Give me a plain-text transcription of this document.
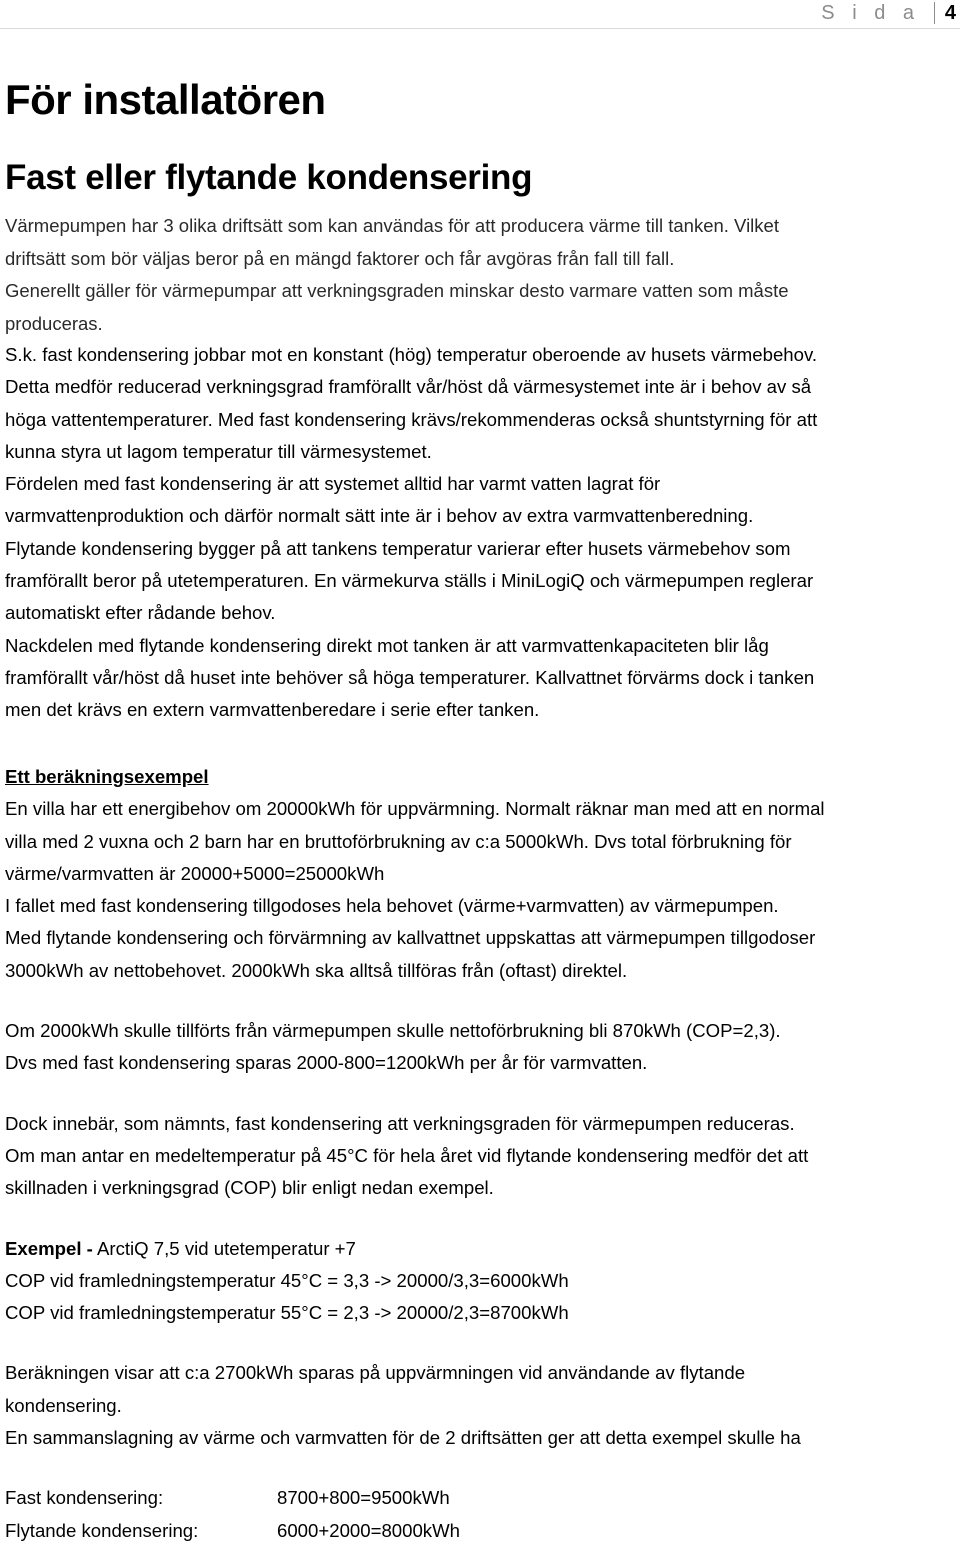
S i d a	4
För installatören
Fast eller flytande kondensering

Värmepumpen har 3 olika driftsätt som kan användas för att producera värme till tanken. Vilket

driftsätt som bör väljas beror på en mängd faktorer och får avgöras från fall till fall.

Generellt gäller för värmepumpar att verkningsgraden minskar desto varmare vatten som måste

produceras.

S.k. fast kondensering jobbar mot en konstant (hög) temperatur oberoende av husets värmebehov.

Detta medför reducerad verkningsgrad framförallt vår/höst då värmesystemet inte är i behov av så

höga vattentemperaturer. Med fast kondensering krävs/rekommenderas också shuntstyrning för att

kunna styra ut lagom temperatur till värmesystemet.

Fördelen med fast kondensering är att systemet alltid har varmt vatten lagrat för

varmvattenproduktion och därför normalt sätt inte är i behov av extra varmvattenberedning.

Flytande kondensering bygger på att tankens temperatur varierar efter husets värmebehov som

framförallt beror på utetemperaturen. En värmekurva ställs i MiniLogiQ och värmepumpen reglerar

automatiskt efter rådande behov.

Nackdelen med flytande kondensering direkt mot tanken är att varmvattenkapaciteten blir låg

framförallt vår/höst då huset inte behöver så höga temperaturer. Kallvattnet förvärms dock i tanken

men det krävs en extern varmvattenberedare i serie efter tanken.

Ett beräkningsexempel

En villa har ett energibehov om 20000kWh för uppvärmning. Normalt räknar man med att en normal

villa med 2 vuxna och 2 barn har en bruttoförbrukning av c:a 5000kWh. Dvs total förbrukning för

värme/varmvatten är 20000+5000=25000kWh

I fallet med fast kondensering tillgodoses hela behovet (värme+varmvatten) av värmepumpen.

Med flytande kondensering och förvärmning av kallvattnet uppskattas att värmepumpen tillgodoser

3000kWh av nettobehovet. 2000kWh ska alltså tillföras från (oftast) direktel.

Om 2000kWh skulle tillförts från värmepumpen skulle nettoförbrukning bli 870kWh (COP=2,3).

Dvs med fast kondensering sparas 2000-800=1200kWh per år för varmvatten.

Dock innebär, som nämnts, fast kondensering att verkningsgraden för värmepumpen reduceras.

Om man antar en medeltemperatur på 45°C för hela året vid flytande kondensering medför det att

skillnaden i verkningsgrad (COP) blir enligt nedan exempel.

Exempel - ArctiQ 7,5 vid utetemperatur +7

COP vid framledningstemperatur 45°C = 3,3 -> 20000/3,3=6000kWh

COP vid framledningstemperatur 55°C = 2,3 -> 20000/2,3=8700kWh

Beräkningen visar att c:a 2700kWh sparas på uppvärmningen vid användande av flytande

kondensering.

En sammanslagning av värme och varmvatten för de 2 driftsätten ger att detta exempel skulle ha

Fast kondensering:	8700+800=9500kWh
Flytande kondensering:	6000+2000=8000kWh
